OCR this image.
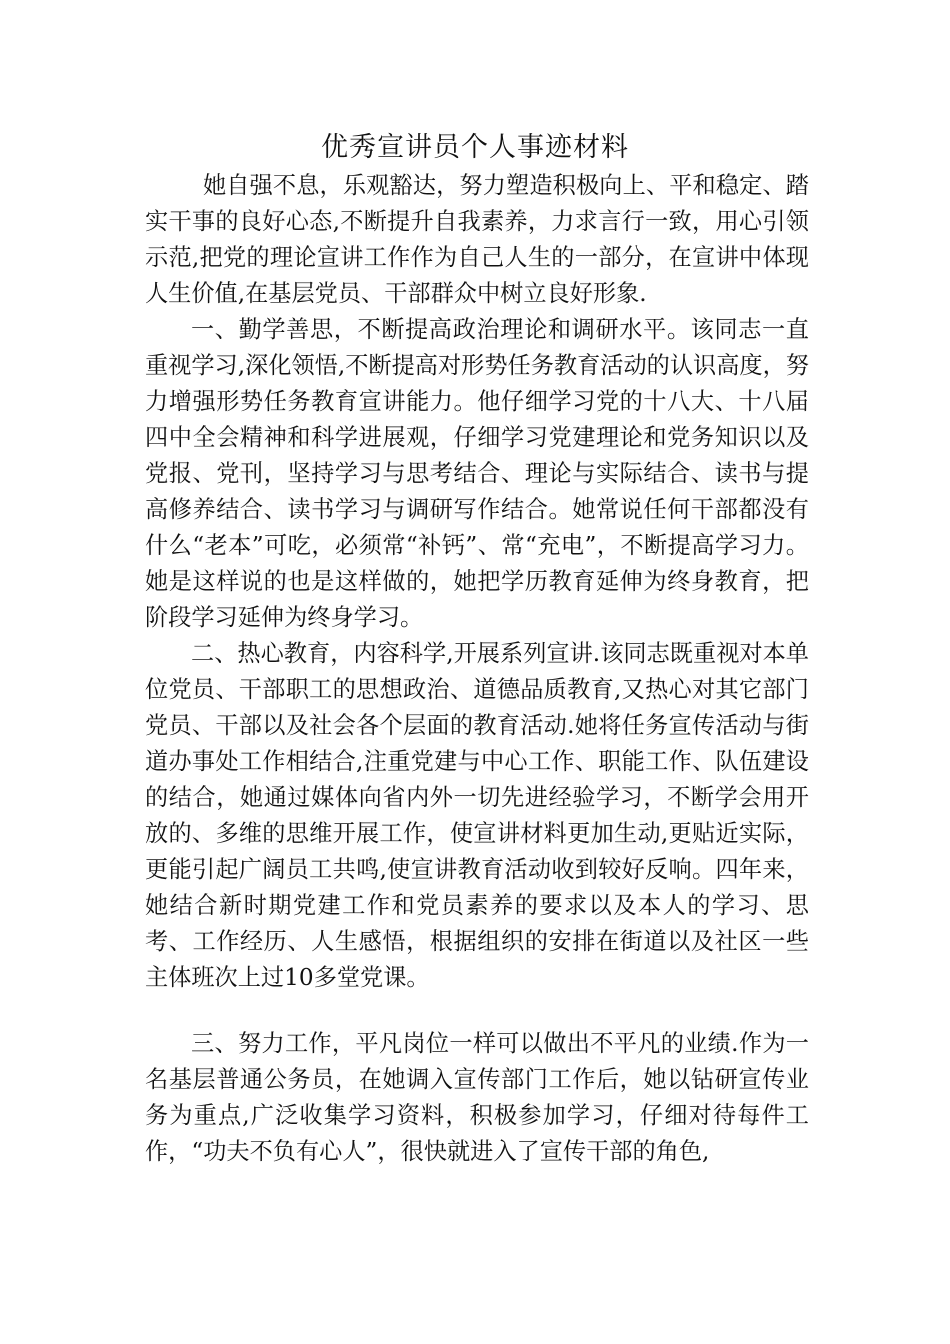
优秀宣讲员个人事迹材料

她自强不息，乐观豁达，努力塑造积极向上、平和稳定、踏实干事的良好心态,不断提升自我素养，力求言行一致，用心引领示范,把党的理论宣讲工作作为自己人生的一部分，在宣讲中体现人生价值,在基层党员、干部群众中树立良好形象.

一、勤学善思，不断提高政治理论和调研水平。该同志一直重视学习,深化领悟,不断提高对形势任务教育活动的认识高度，努力增强形势任务教育宣讲能力。他仔细学习党的十八大、十八届四中全会精神和科学进展观，仔细学习党建理论和党务知识以及党报、党刊，坚持学习与思考结合、理论与实际结合、读书与提高修养结合、读书学习与调研写作结合。她常说任何干部都没有什么“老本”可吃，必须常“补钙”、常“充电”，不断提高学习力。她是这样说的也是这样做的，她把学历教育延伸为终身教育，把阶段学习延伸为终身学习。

二、热心教育，内容科学,开展系列宣讲.该同志既重视对本单位党员、干部职工的思想政治、道德品质教育,又热心对其它部门党员、干部以及社会各个层面的教育活动.她将任务宣传活动与街道办事处工作相结合,注重党建与中心工作、职能工作、队伍建设的结合，她通过媒体向省内外一切先进经验学习，不断学会用开放的、多维的思维开展工作，使宣讲材料更加生动,更贴近实际，更能引起广阔员工共鸣,使宣讲教育活动收到较好反响。四年来，她结合新时期党建工作和党员素养的要求以及本人的学习、思考、工作经历、人生感悟，根据组织的安排在街道以及社区一些主体班次上过10多堂党课。

三、努力工作，平凡岗位一样可以做出不平凡的业绩.作为一名基层普通公务员，在她调入宣传部门工作后，她以钻研宣传业务为重点,广泛收集学习资料，积极参加学习，仔细对待每件工作，“功夫不负有心人”，很快就进入了宣传干部的角色,
